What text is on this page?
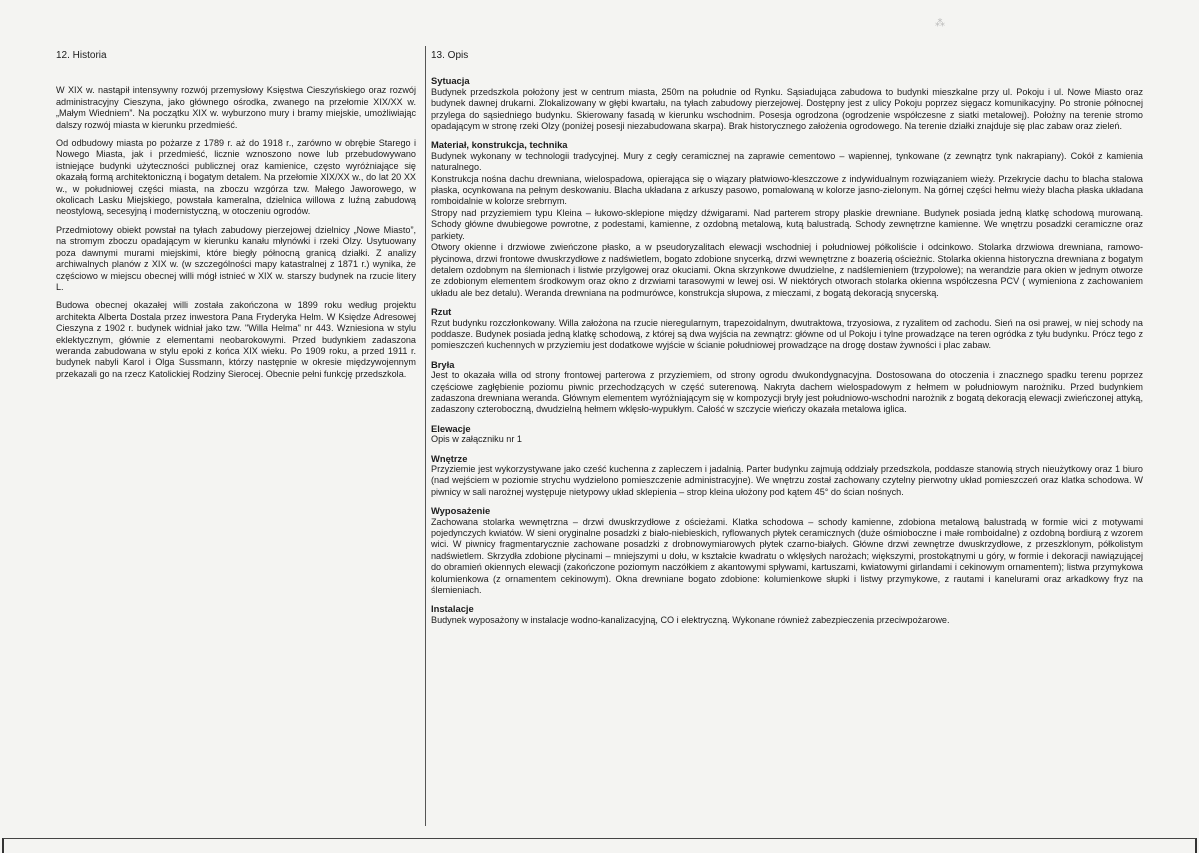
⁂
12. Historia

W XIX w. nastąpił intensywny rozwój przemysłowy Księstwa Cieszyńskiego oraz rozwój administracyjny Cieszyna, jako głównego ośrodka, zwanego na przełomie XIX/XX w. „Małym Wiedniem”. Na początku XIX w. wyburzono mury i bramy miejskie, umożliwiając dalszy rozwój miasta w kierunku przedmieść.

Od odbudowy miasta po pożarze z 1789 r. aż do 1918 r., zarówno w obrębie Starego i Nowego Miasta, jak i przedmieść, licznie wznoszono nowe lub przebudowywano istniejące budynki użyteczności publicznej oraz kamienice, często wyróżniające się okazałą formą architektoniczną i bogatym detalem. Na przełomie XIX/XX w., do lat 20 XX w., w południowej części miasta, na zboczu wzgórza tzw. Małego Jaworowego, w okolicach Lasku Miejskiego, powstała kameralna, dzielnica willowa z luźną zabudową neostylową, secesyjną i modernistyczną, w otoczeniu ogrodów.

Przedmiotowy obiekt powstał na tyłach zabudowy pierzejowej dzielnicy „Nowe Miasto”, na stromym zboczu opadającym w kierunku kanału młynówki i rzeki Olzy. Usytuowany poza dawnymi murami miejskimi, które biegły północną granicą działki. Z analizy archiwalnych planów z XIX w. (w szczególności mapy katastralnej z 1871 r.) wynika, że częściowo w miejscu obecnej willi mógł istnieć w XIX w. starszy budynek na rzucie litery L.

Budowa obecnej okazałej willi została zakończona w 1899 roku według projektu architekta Alberta Dostala przez inwestora Pana Fryderyka Helm. W Księdze Adresowej Cieszyna z 1902 r. budynek widniał jako tzw. "Willa Helma" nr 443. Wzniesiona w stylu eklektycznym, głównie z elementami neobarokowymi. Przed budynkiem zadaszona weranda zabudowana w stylu epoki z końca XIX wieku. Po 1909 roku, a przed 1911 r. budynek nabyli Karol i Olga Sussmann, którzy następnie w okresie międzywojennym przekazali go na rzecz Katolickiej Rodziny Sierocej. Obecnie pełni funkcję przedszkola.

13. Opis
Sytuacja

Budynek przedszkola położony jest w centrum miasta, 250m na południe od Rynku. Sąsiadująca zabudowa to budynki mieszkalne przy ul. Pokoju i ul. Nowe Miasto oraz budynek dawnej drukarni. Zlokalizowany w głębi kwartału, na tyłach zabudowy pierzejowej. Dostępny jest z ulicy Pokoju poprzez sięgacz komunikacyjny. Po stronie północnej przylega do sąsiedniego budynku. Skierowany fasadą w kierunku wschodnim. Posesja ogrodzona (ogrodzenie współczesne z siatki metalowej). Położny na terenie stromo opadającym w stronę rzeki Olzy (poniżej posesji niezabudowana skarpa). Brak historycznego założenia ogrodowego. Na terenie działki znajduje się plac zabaw oraz zieleń.

Materiał, konstrukcja, technika

Budynek wykonany w technologii tradycyjnej. Mury z cegły ceramicznej na zaprawie cementowo – wapiennej, tynkowane (z zewnątrz tynk nakrapiany). Cokół z kamienia naturalnego.

Konstrukcja nośna dachu drewniana, wielospadowa, opierająca się o wiązary płatwiowo-kleszczowe z indywidualnym rozwiązaniem wieży. Przekrycie dachu to blacha stalowa płaska, ocynkowana na pełnym deskowaniu. Blacha układana z arkuszy pasowo, pomalowaną w kolorze jasno-zielonym. Na górnej części hełmu wieży blacha płaska układana romboidalnie w kolorze srebrnym.

Stropy nad przyziemiem typu Kleina – łukowo-sklepione między dźwigarami. Nad parterem stropy płaskie drewniane. Budynek posiada jedną klatkę schodową murowaną. Schody główne dwubiegowe powrotne, z podestami, kamienne, z ozdobną metalową, kutą balustradą. Schody zewnętrzne kamienne. We wnętrzu posadzki ceramiczne oraz parkiety.

Otwory okienne i drzwiowe zwieńczone płasko, a w pseudoryzalitach elewacji wschodniej i południowej półkoliście i odcinkowo. Stolarka drzwiowa drewniana, ramowo-płycinowa, drzwi frontowe dwuskrzydłowe z nadświetlem, bogato zdobione snycerką, drzwi wewnętrzne z boazerią ościeżnic. Stolarka okienna historyczna drewniana z bogatym detalem ozdobnym na ślemionach i listwie przylgowej oraz okuciami. Okna skrzynkowe dwudzielne, z nadślemieniem (trzypolowe); na werandzie para okien w jednym otworze ze zdobionym elementem środkowym oraz okno z drzwiami tarasowymi w lewej osi. W niektórych otworach stolarka okienna współczesna PCV ( wymieniona z zachowaniem układu ale bez detalu). Weranda drewniana na podmurówce, konstrukcja słupowa, z mieczami, z bogatą dekoracją snycerską.

Rzut

Rzut budynku rozczłonkowany. Willa założona na rzucie nieregularnym, trapezoidalnym, dwutraktowa, trzyosiowa, z ryzalitem od zachodu. Sień na osi prawej, w niej schody na poddasze. Budynek posiada jedną klatkę schodową, z której są dwa wyjścia na zewnątrz: główne od ul Pokoju i tylne prowadzące na teren ogródka z tyłu budynku. Prócz tego z pomieszczeń kuchennych w przyziemiu jest dodatkowe wyjście w ścianie południowej prowadzące na drogę dostaw żywności i plac zabaw.

Bryła

Jest to okazała willa od strony frontowej parterowa z przyziemiem, od strony ogrodu dwukondygnacyjna. Dostosowana do otoczenia i znacznego spadku terenu poprzez częściowe zagłębienie poziomu piwnic przechodzących w część suterenową. Nakryta dachem wielospadowym z hełmem w południowym narożniku. Przed budynkiem zadaszona drewniana weranda. Głównym elementem wyróżniającym się w kompozycji bryły jest południowo-wschodni narożnik z bogatą dekoracją elewacji zwieńczonej attyką, zadaszony czteroboczną, dwudzielną hełmem wklęsło-wypukłym. Całość w szczycie wieńczy okazała metalowa iglica.

Elewacje

Opis w załączniku nr 1

Wnętrze

Przyziemie jest wykorzystywane jako cześć kuchenna z zapleczem i jadalnią. Parter budynku zajmują oddziały przedszkola, poddasze stanowią strych nieużytkowy oraz 1 biuro (nad wejściem w poziomie strychu wydzielono pomieszczenie administracyjne). We wnętrzu został zachowany czytelny pierwotny układ pomieszczeń oraz klatka schodowa. W piwnicy w sali narożnej występuje nietypowy układ sklepienia – strop kleina ułożony pod kątem 45° do ścian nośnych.

Wyposażenie

Zachowana stolarka wewnętrzna – drzwi dwuskrzydłowe z ościeżami. Klatka schodowa – schody kamienne, zdobiona metalową balustradą w formie wici z motywami pojedynczych kwiatów. W sieni oryginalne posadzki z biało-niebieskich, ryflowanych płytek ceramicznych (duże ośmioboczne i małe romboidalne) z ozdobną bordiurą z wzorem wici. W piwnicy fragmentarycznie zachowane posadzki z drobnowymiarowych płytek czarno-białych. Główne drzwi zewnętrze dwuskrzydłowe, z przeszklonym, półkolistym nadświetlem. Skrzydła zdobione płycinami – mniejszymi u dołu, w kształcie kwadratu o wklęsłych narożach; większymi, prostokątnymi u góry, w formie i dekoracji nawiązującej do obramień okiennych elewacji (zakończone poziomym naczółkiem z akantowymi spływami, kartuszami, kwiatowymi girlandami i cekinowym ornamentem); listwa przymykowa kolumienkowa (z ornamentem cekinowym). Okna drewniane bogato zdobione: kolumienkowe słupki i listwy przymykowe, z rautami i kanelurami oraz arkadkowy fryz na ślemieniach.

Instalacje

Budynek wyposażony w instalacje wodno-kanalizacyjną, CO i elektryczną. Wykonane również zabezpieczenia przeciwpożarowe.
